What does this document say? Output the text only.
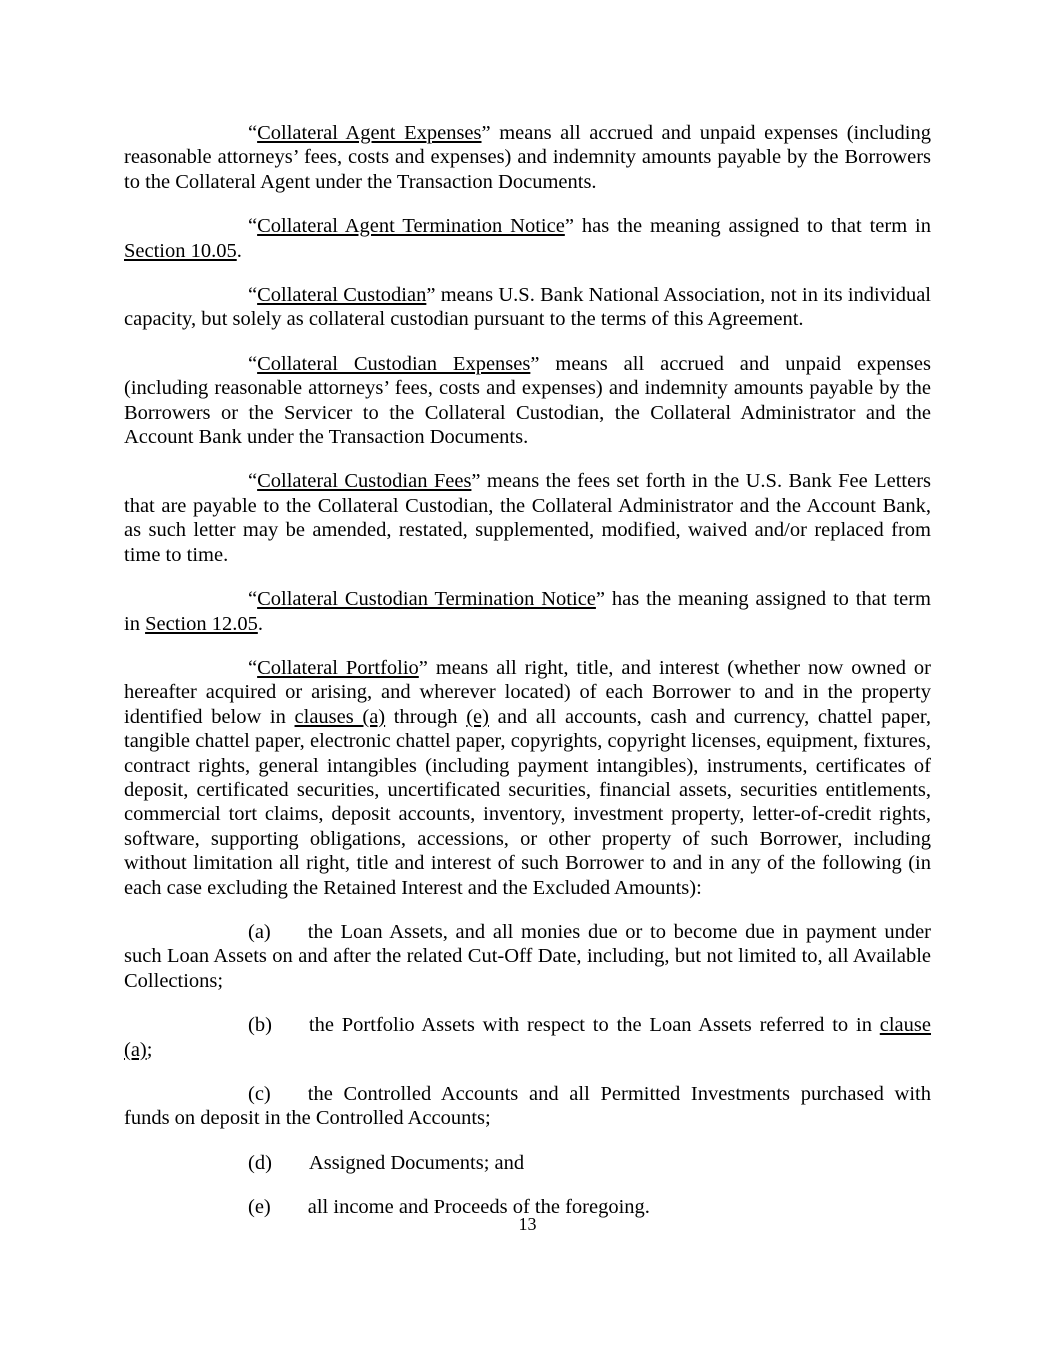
“Collateral Agent Expenses” means all accrued and unpaid expenses (including reasonable attorneys’ fees, costs and expenses) and indemnity amounts payable by the Borrowers to the Collateral Agent under the Transaction Documents.

“Collateral Agent Termination Notice” has the meaning assigned to that term in Section 10.05.

“Collateral Custodian” means U.S. Bank National Association, not in its individual capacity, but solely as collateral custodian pursuant to the terms of this Agreement.

“Collateral Custodian Expenses” means all accrued and unpaid expenses (including reasonable attorneys’ fees, costs and expenses) and indemnity amounts payable by the Borrowers or the Servicer to the Collateral Custodian, the Collateral Administrator and the Account Bank under the Transaction Documents.

“Collateral Custodian Fees” means the fees set forth in the U.S. Bank Fee Letters that are payable to the Collateral Custodian, the Collateral Administrator and the Account Bank, as such letter may be amended, restated, supplemented, modified, waived and/or replaced from time to time.

“Collateral Custodian Termination Notice” has the meaning assigned to that term in Section 12.05.

“Collateral Portfolio” means all right, title, and interest (whether now owned or hereafter acquired or arising, and wherever located) of each Borrower to and in the property identified below in clauses (a) through (e) and all accounts, cash and currency, chattel paper, tangible chattel paper, electronic chattel paper, copyrights, copyright licenses, equipment, fixtures, contract rights, general intangibles (including payment intangibles), instruments, certificates of deposit, certificated securities, uncertificated securities, financial assets, securities entitlements, commercial tort claims, deposit accounts, inventory, investment property, letter-of-credit rights, software, supporting obligations, accessions, or other property of such Borrower, including without limitation all right, title and interest of such Borrower to and in any of the following (in each case excluding the Retained Interest and the Excluded Amounts):

(a) the Loan Assets, and all monies due or to become due in payment under such Loan Assets on and after the related Cut-Off Date, including, but not limited to, all Available Collections;

(b) the Portfolio Assets with respect to the Loan Assets referred to in clause (a);

(c) the Controlled Accounts and all Permitted Investments purchased with funds on deposit in the Controlled Accounts;

(d) Assigned Documents; and

(e) all income and Proceeds of the foregoing.

13
